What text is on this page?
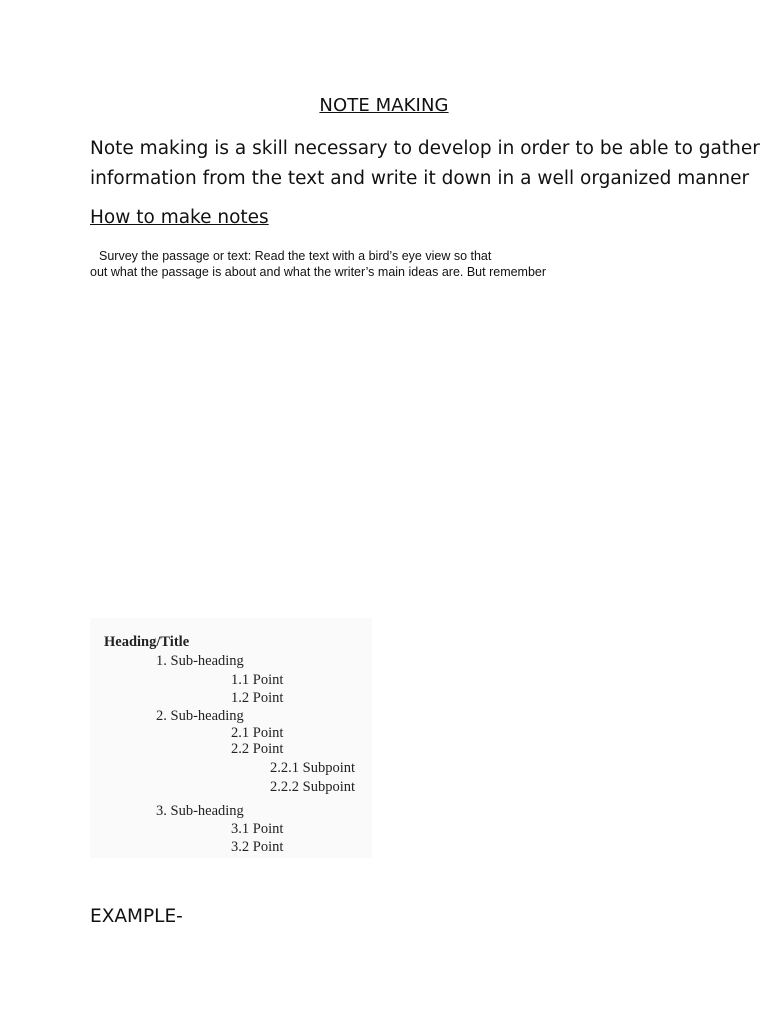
NOTE MAKING
Note making is a skill necessary to develop in order to be able to gather
information from the text and write it down in a well organized manner
How to make notes
Survey the passage or text: Read the text with a bird’s eye view so that
out what the passage is about and what the writer’s main ideas are. But remember
Heading/Title
1. Sub-heading
1.1 Point
1.2 Point
2. Sub-heading
2.1 Point
2.2 Point
2.2.1 Subpoint
2.2.2 Subpoint
3. Sub-heading
3.1 Point
3.2 Point
EXAMPLE-
